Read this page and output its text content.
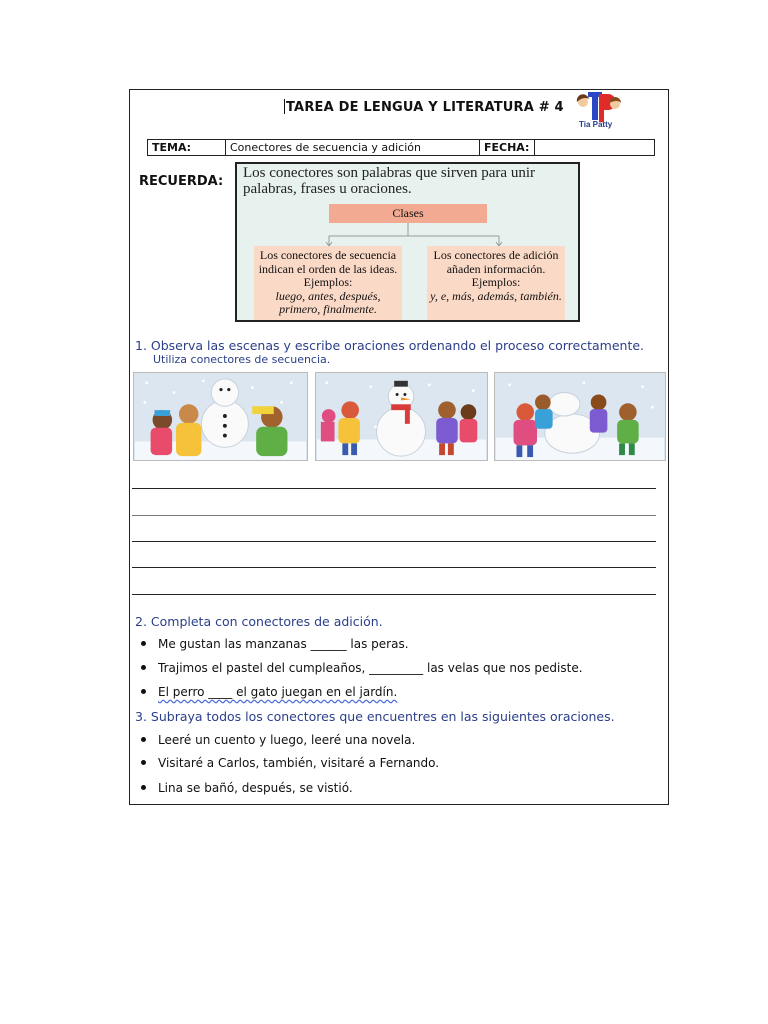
TAREA DE LENGUA Y LITERATURA # 4
Tia Patty
TEMA:	Conectores de secuencia y adición	FECHA:
RECUERDA:
Los conectores son palabras que sirven para unir palabras, frases u oraciones.
Clases
Los conectores de secuencia indican el orden de las ideas. Ejemplos:
luego, antes, después, primero, finalmente.
Los conectores de adición añaden información. Ejemplos:
y, e, más, además, también.
1. Observa las escenas y escribe oraciones ordenando el proceso correctamente.
Utiliza conectores de secuencia.
2. Completa con conectores de adición.
Me gustan las manzanas ______ las peras.
Trajimos el pastel del cumpleaños, _________ las velas que nos pediste.
El perro ____ el gato juegan en el jardín.
3. Subraya todos los conectores que encuentres en las siguientes oraciones.
Leeré un cuento y luego, leeré una novela.
Visitaré a Carlos, también, visitaré a Fernando.
Lina se bañó, después, se vistió.
